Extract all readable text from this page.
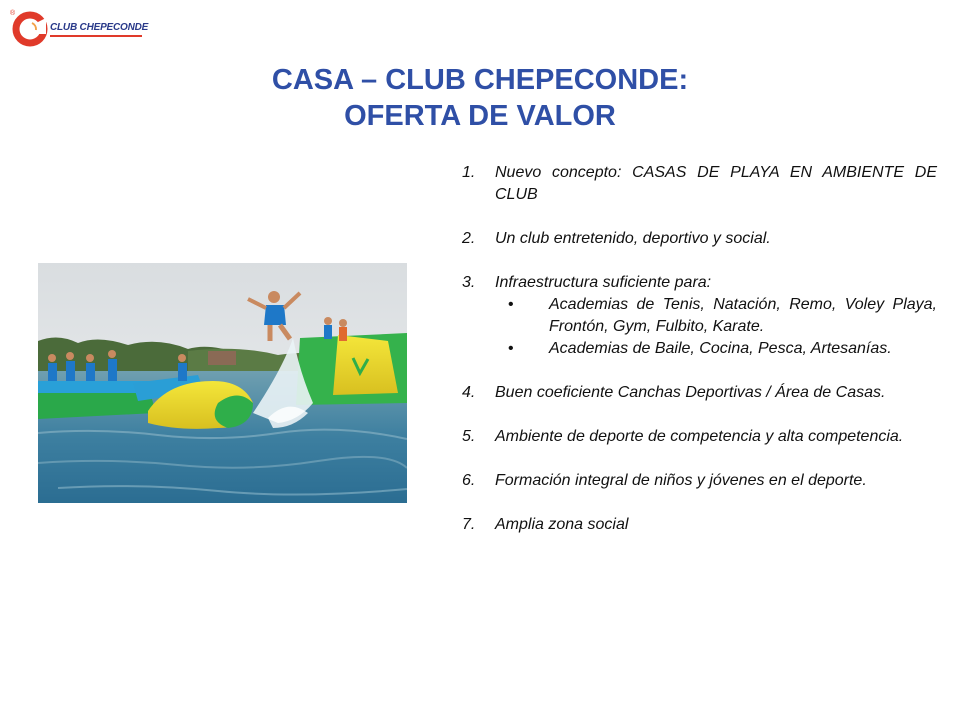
®
CLUB CHEPECONDE
CASA – CLUB CHEPECONDE:
OFERTA DE VALOR
1. Nuevo concepto: CASAS DE PLAYA EN AMBIENTE DE CLUB
2. Un club entretenido, deportivo y social.
3. Infraestructura suficiente para:
• Academias de Tenis, Natación, Remo, Voley Playa, Frontón, Gym, Fulbito, Karate.
• Academias de Baile, Cocina, Pesca, Artesanías.
4. Buen coeficiente Canchas Deportivas / Área de Casas.
5. Ambiente de deporte de competencia y alta competencia.
6. Formación integral de niños y jóvenes en el deporte.
7. Amplia zona social
